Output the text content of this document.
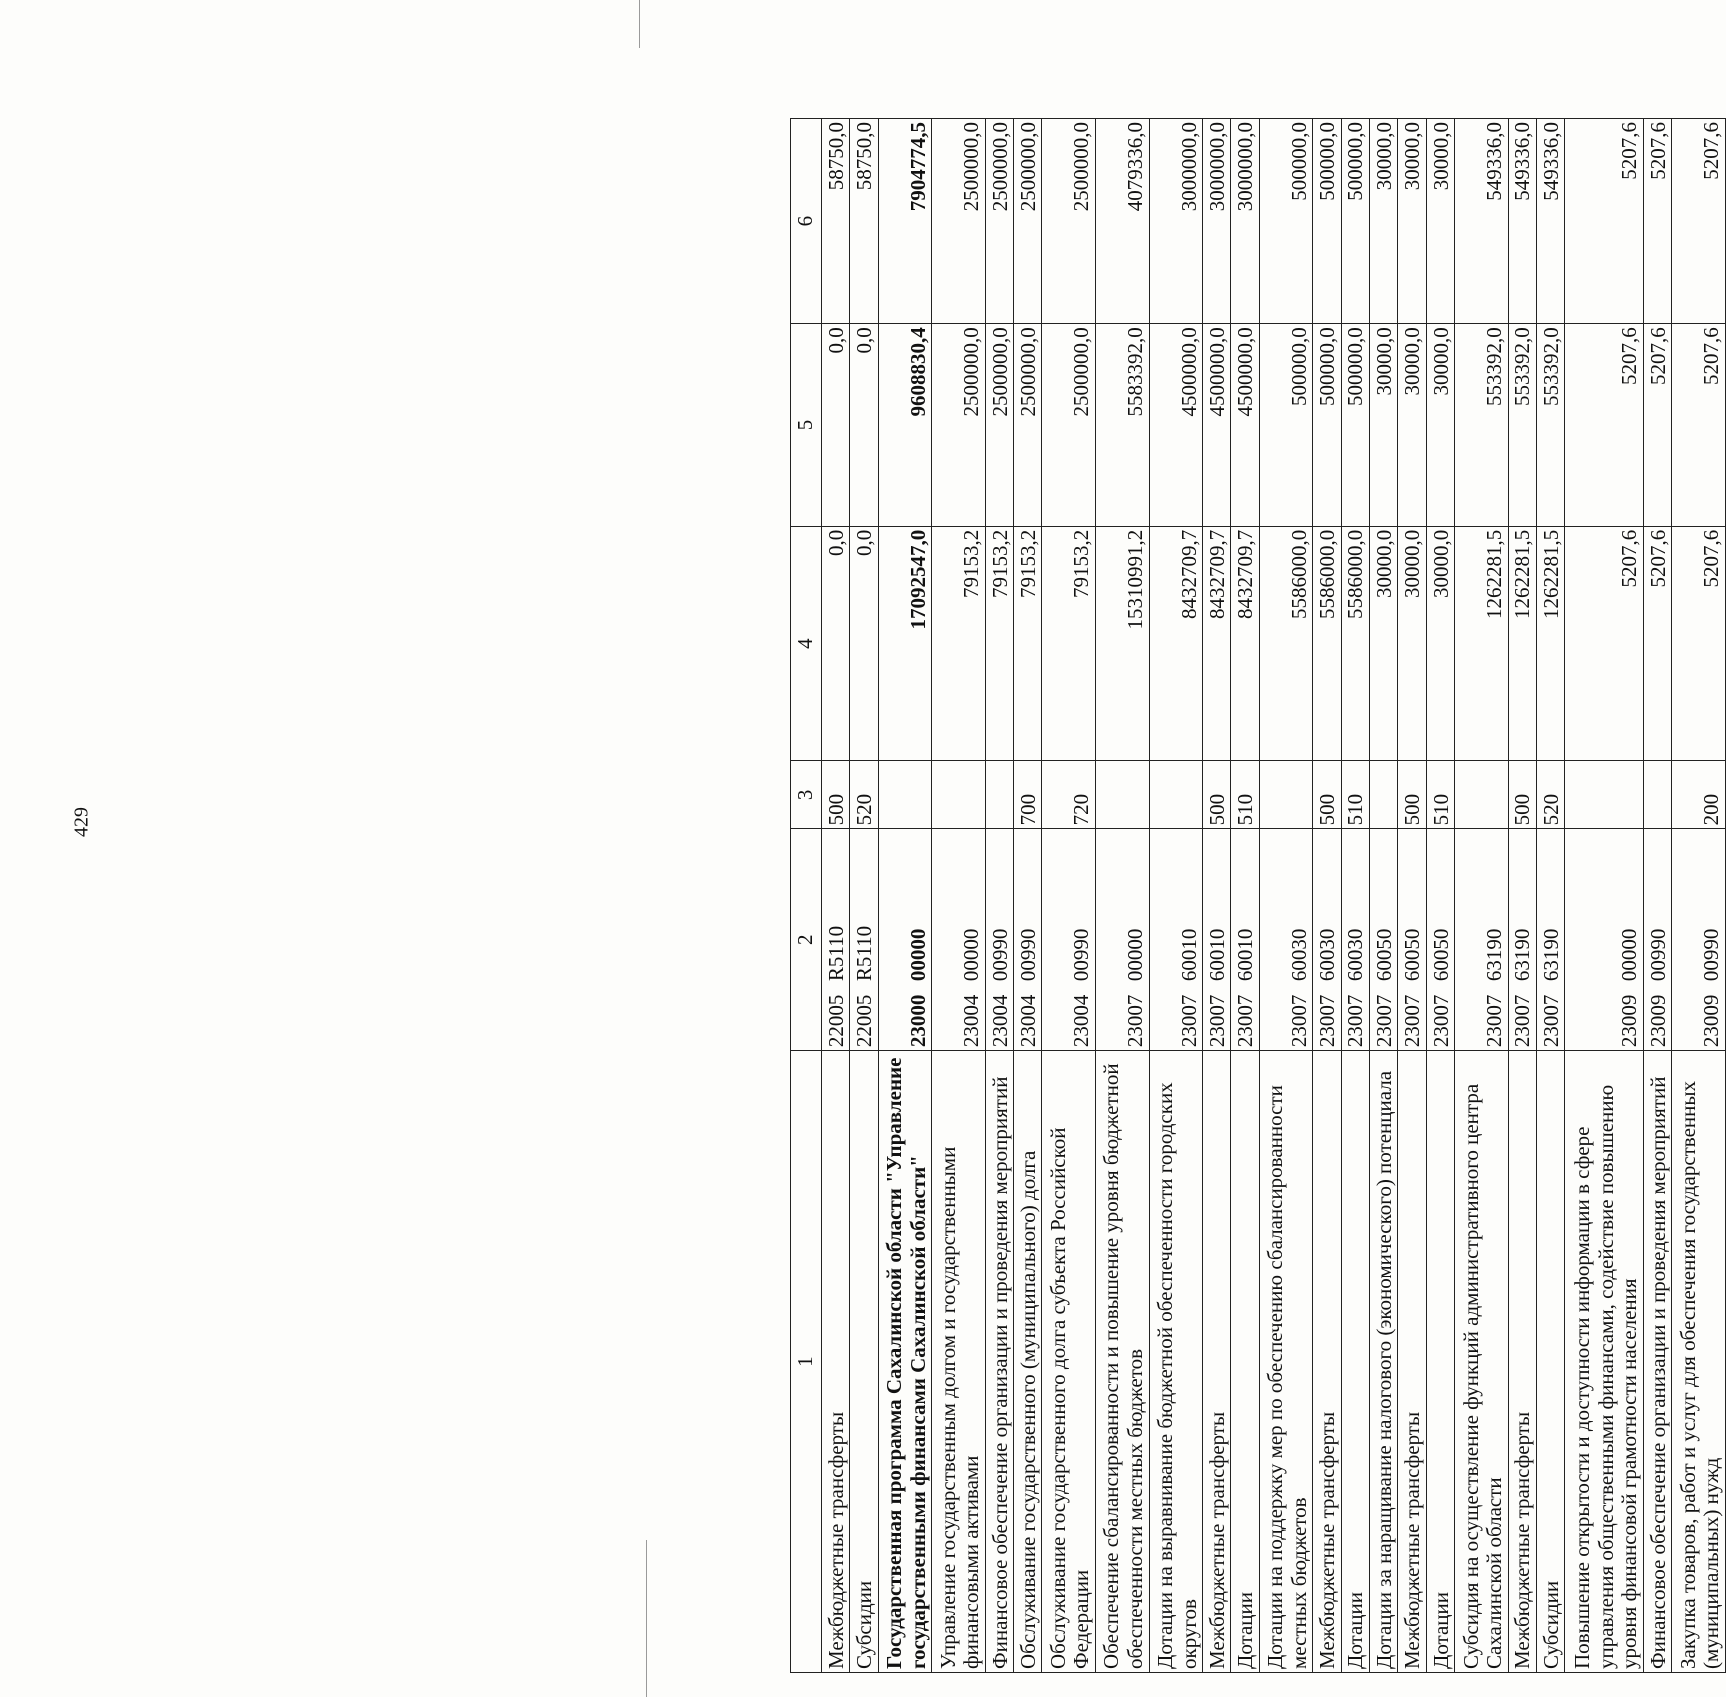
429
1	2	3	4	5	6
Межбюджетные трансферты	22005R5110	500	0,0	0,0	58750,0
Субсидии	22005R5110	520	0,0	0,0	58750,0
Государственная программа Сахалинской области "Управление государственными финансами Сахалинской области"	2300000000		17092547,0	9608830,4	7904774,5
Управление государственным долгом и государственными финансовыми активами	2300400000		79153,2	2500000,0	2500000,0
Финансовое обеспечение организации и проведения мероприятий	2300400990		79153,2	2500000,0	2500000,0
Обслуживание государственного (муниципального) долга	2300400990	700	79153,2	2500000,0	2500000,0
Обслуживание государственного долга субъекта Российской Федерации	2300400990	720	79153,2	2500000,0	2500000,0
Обеспечение сбалансированности и повышение уровня бюджетной обеспеченности местных бюджетов	2300700000		15310991,2	5583392,0	4079336,0
Дотации на выравнивание бюджетной обеспеченности городских округов	2300760010		8432709,7	4500000,0	3000000,0
Межбюджетные трансферты	2300760010	500	8432709,7	4500000,0	3000000,0
Дотации	2300760010	510	8432709,7	4500000,0	3000000,0
Дотации на поддержку мер по обеспечению сбалансированности местных бюджетов	2300760030		5586000,0	500000,0	500000,0
Межбюджетные трансферты	2300760030	500	5586000,0	500000,0	500000,0
Дотации	2300760030	510	5586000,0	500000,0	500000,0
Дотации за наращивание налогового (экономического) потенциала	2300760050		30000,0	30000,0	30000,0
Межбюджетные трансферты	2300760050	500	30000,0	30000,0	30000,0
Дотации	2300760050	510	30000,0	30000,0	30000,0
Субсидия на осуществление функций административного центра Сахалинской области	2300763190		1262281,5	553392,0	549336,0
Межбюджетные трансферты	2300763190	500	1262281,5	553392,0	549336,0
Субсидии	2300763190	520	1262281,5	553392,0	549336,0
Повышение открытости и доступности информации в сфере управления общественными финансами, содействие повышению уровня финансовой грамотности населения	2300900000		5207,6	5207,6	5207,6
Финансовое обеспечение организации и проведения мероприятий	2300900990		5207,6	5207,6	5207,6
Закупка товаров, работ и услуг для обеспечения государственных (муниципальных) нужд	2300900990	200	5207,6	5207,6	5207,6
